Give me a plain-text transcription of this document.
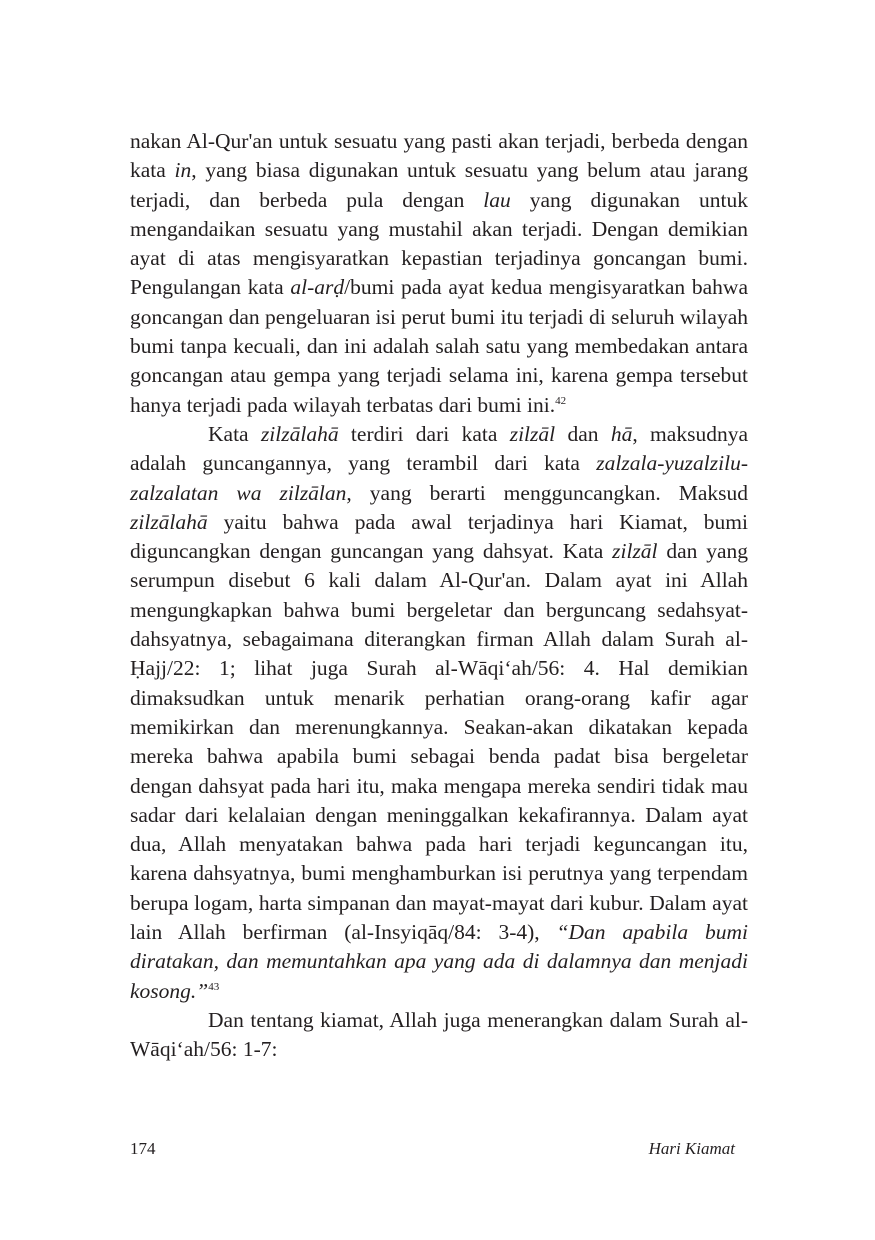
nakan Al-Qur'an untuk sesuatu yang pasti akan terjadi, berbeda dengan kata in, yang biasa digunakan untuk sesuatu yang belum atau jarang terjadi, dan berbeda pula dengan lau yang digunakan untuk mengandaikan sesuatu yang mustahil akan terjadi. Dengan demikian ayat di atas mengisyaratkan kepastian terjadinya goncangan bumi. Pengulangan kata al-arḍ/bumi pada ayat kedua mengisyaratkan bahwa goncangan dan pengeluaran isi perut bumi itu terjadi di seluruh wilayah bumi tanpa kecuali, dan ini adalah salah satu yang membedakan antara goncangan atau gempa yang terjadi selama ini, karena gempa tersebut hanya terjadi pada wilayah terbatas dari bumi ini.$^{42}$

Kata zilzālahā terdiri dari kata zilzāl dan hā, maksudnya adalah guncangannya, yang terambil dari kata zalzala-yuzalzilu-zalzalatan wa zilzālan, yang berarti mengguncangkan. Maksud zilzālahā yaitu bahwa pada awal terjadinya hari Kiamat, bumi diguncangkan dengan guncangan yang dahsyat. Kata zilzāl dan yang serumpun disebut 6 kali dalam Al-Qur'an. Dalam ayat ini Allah mengungkapkan bahwa bumi bergeletar dan berguncang sedahsyat-dahsyatnya, sebagaimana diterangkan firman Allah dalam Surah al-Ḥajj/22: 1; lihat juga Surah al-Wāqi‘ah/56: 4. Hal demikian dimaksudkan untuk menarik perhatian orang-orang kafir agar memikirkan dan merenungkannya. Seakan-akan dikatakan kepada mereka bahwa apabila bumi sebagai benda padat bisa bergeletar dengan dahsyat pada hari itu, maka mengapa mereka sendiri tidak mau sadar dari kelalaian dengan meninggalkan kekafirannya. Dalam ayat dua, Allah menyatakan bahwa pada hari terjadi keguncangan itu, karena dahsyatnya, bumi menghamburkan isi perutnya yang terpendam berupa logam, harta simpanan dan mayat-mayat dari kubur. Dalam ayat lain Allah berfirman (al-Insyiqāq/84: 3-4), “Dan apabila bumi diratakan, dan memuntahkan apa yang ada di dalamnya dan menjadi kosong.”$^{43}$

Dan tentang kiamat, Allah juga menerangkan dalam Surah al-Wāqi‘ah/56: 1-7:

174	Hari Kiamat
